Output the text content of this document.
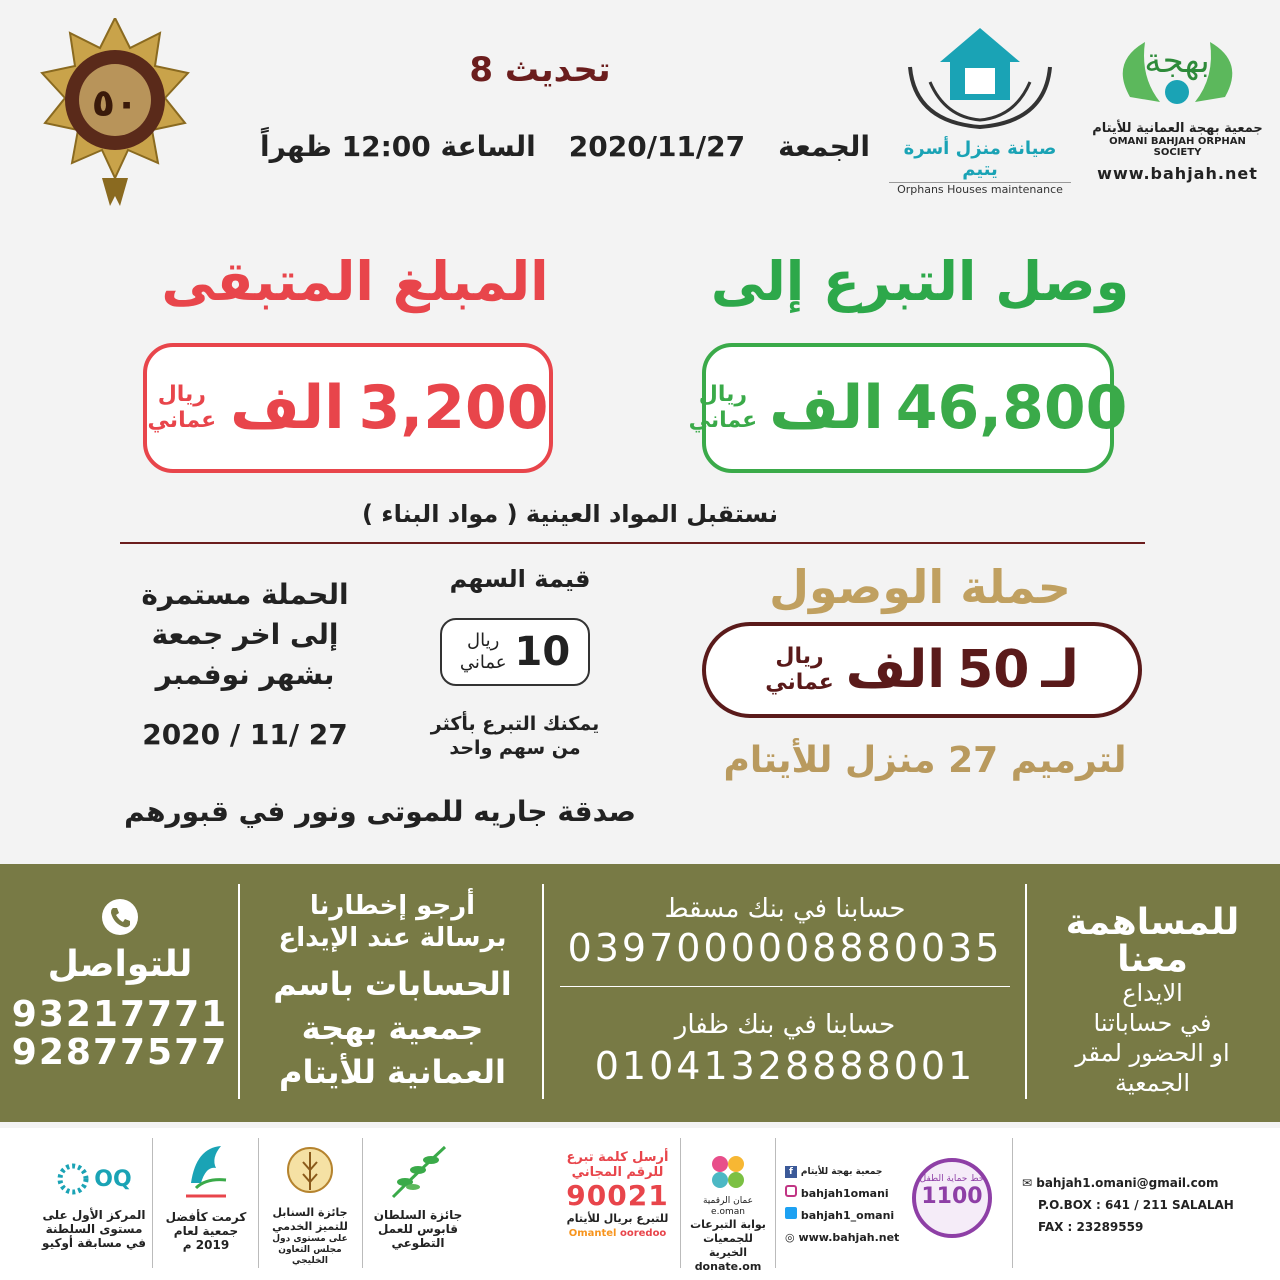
٥٠
تحديث 8
الجمعة
2020/11/27
الساعة 12:00 ظهراً	صيانة منزل أسرة يتيم
Orphans Houses maintenance
بهجة
جمعية بهجة العمانية للأيتام
OMANI BAHJAH ORPHAN SOCIETY
www.bahjah.net
وصل التبرع إلى
المبلغ المتبقى
46,800
الف
ريال
عماني
3,200
الف
ريال
عماني
نستقبل المواد العينية ( مواد البناء )
حملة الوصول
لـ
50
الف
ريال
عماني
لترميم 27 منزل للأيتام
قيمة السهم
10
ريال
عماني
يمكنك التبرع بأكثر
من سهم واحد
الحملة مستمرة
إلى اخر جمعة
بشهر نوفمبر
2020 / 11/ 27
صدقة جاريه للموتى ونور في قبورهم
للمساهمة
معنا
الايداع
في حساباتنا
او الحضور لمقر
الجمعية
حسابنا في بنك مسقط
0397000008880035
حسابنا في بنك ظفار
01041328888001
أرجو إخطارنا
برسالة عند الإيداع
الحسابات باسم
جمعية بهجة
العمانية للأيتام
للتواصل
93217771
92877577
✉ bahjah1.omani@gmail.com
P.O.BOX : 641 / 211 SALALAH
FAX : 23289559
خط حماية الطفل
1100
f جمعية بهجة للأيتام
bahjah1omani
bahjah1_omani
◎ www.bahjah.net
عمان الرقمية
e.oman
بوابة التبرعات
للجمعيات الخيرية
donate.om
أرسل كلمة تبرع
للرقم المجاني
90021
للتبرع بريال للأيتام
Omantel ooredoo
جائزة السلطان
قابوس للعمل
التطوعي
جائزة السنابل
للتميز الخدمي
على مستوى دول
مجلس التعاون
الخليجي
كرمت كأفضل
جمعية لعام
2019 م
OQ
المركز الأول على
مستوى السلطنة
في مسابقة أوكيو
